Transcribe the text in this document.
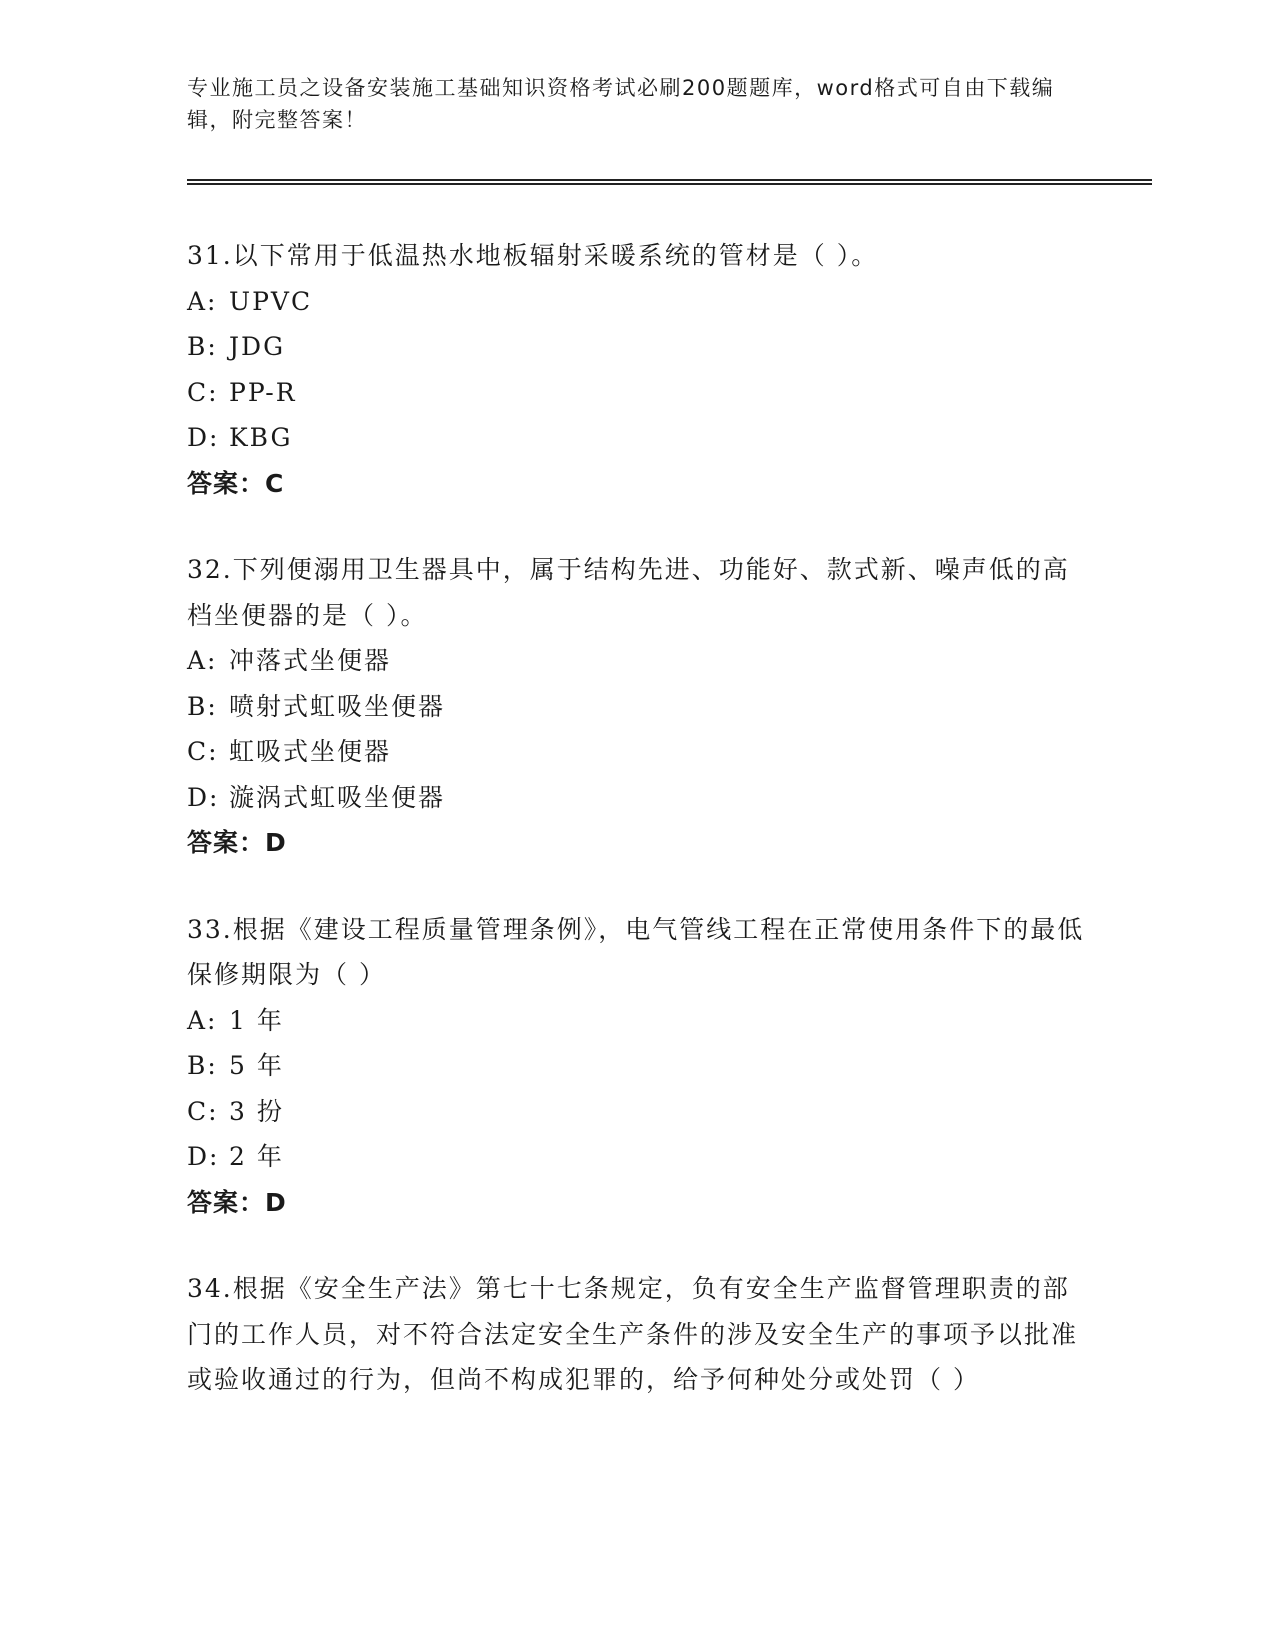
专业施工员之设备安装施工基础知识资格考试必刷200题题库，word格式可自由下载编辑，附完整答案！

31.以下常用于低温热水地板辐射采暖系统的管材是（ ）。

A: UPVC
B: JDG
C: PP-R
D: KBG

答案：C

32.下列便溺用卫生器具中，属于结构先进、功能好、款式新、噪声低的高档坐便器的是（ ）。

A: 冲落式坐便器
B: 喷射式虹吸坐便器
C: 虹吸式坐便器
D: 漩涡式虹吸坐便器

答案：D

33.根据《建设工程质量管理条例》，电气管线工程在正常使用条件下的最低保修期限为（ ）

A: 1 年
B: 5 年
C: 3 扮
D: 2 年

答案：D

34.根据《安全生产法》第七十七条规定，负有安全生产监督管理职责的部门的工作人员，对不符合法定安全生产条件的涉及安全生产的事项予以批准或验收通过的行为，但尚不构成犯罪的，给予何种处分或处罚（ ）
